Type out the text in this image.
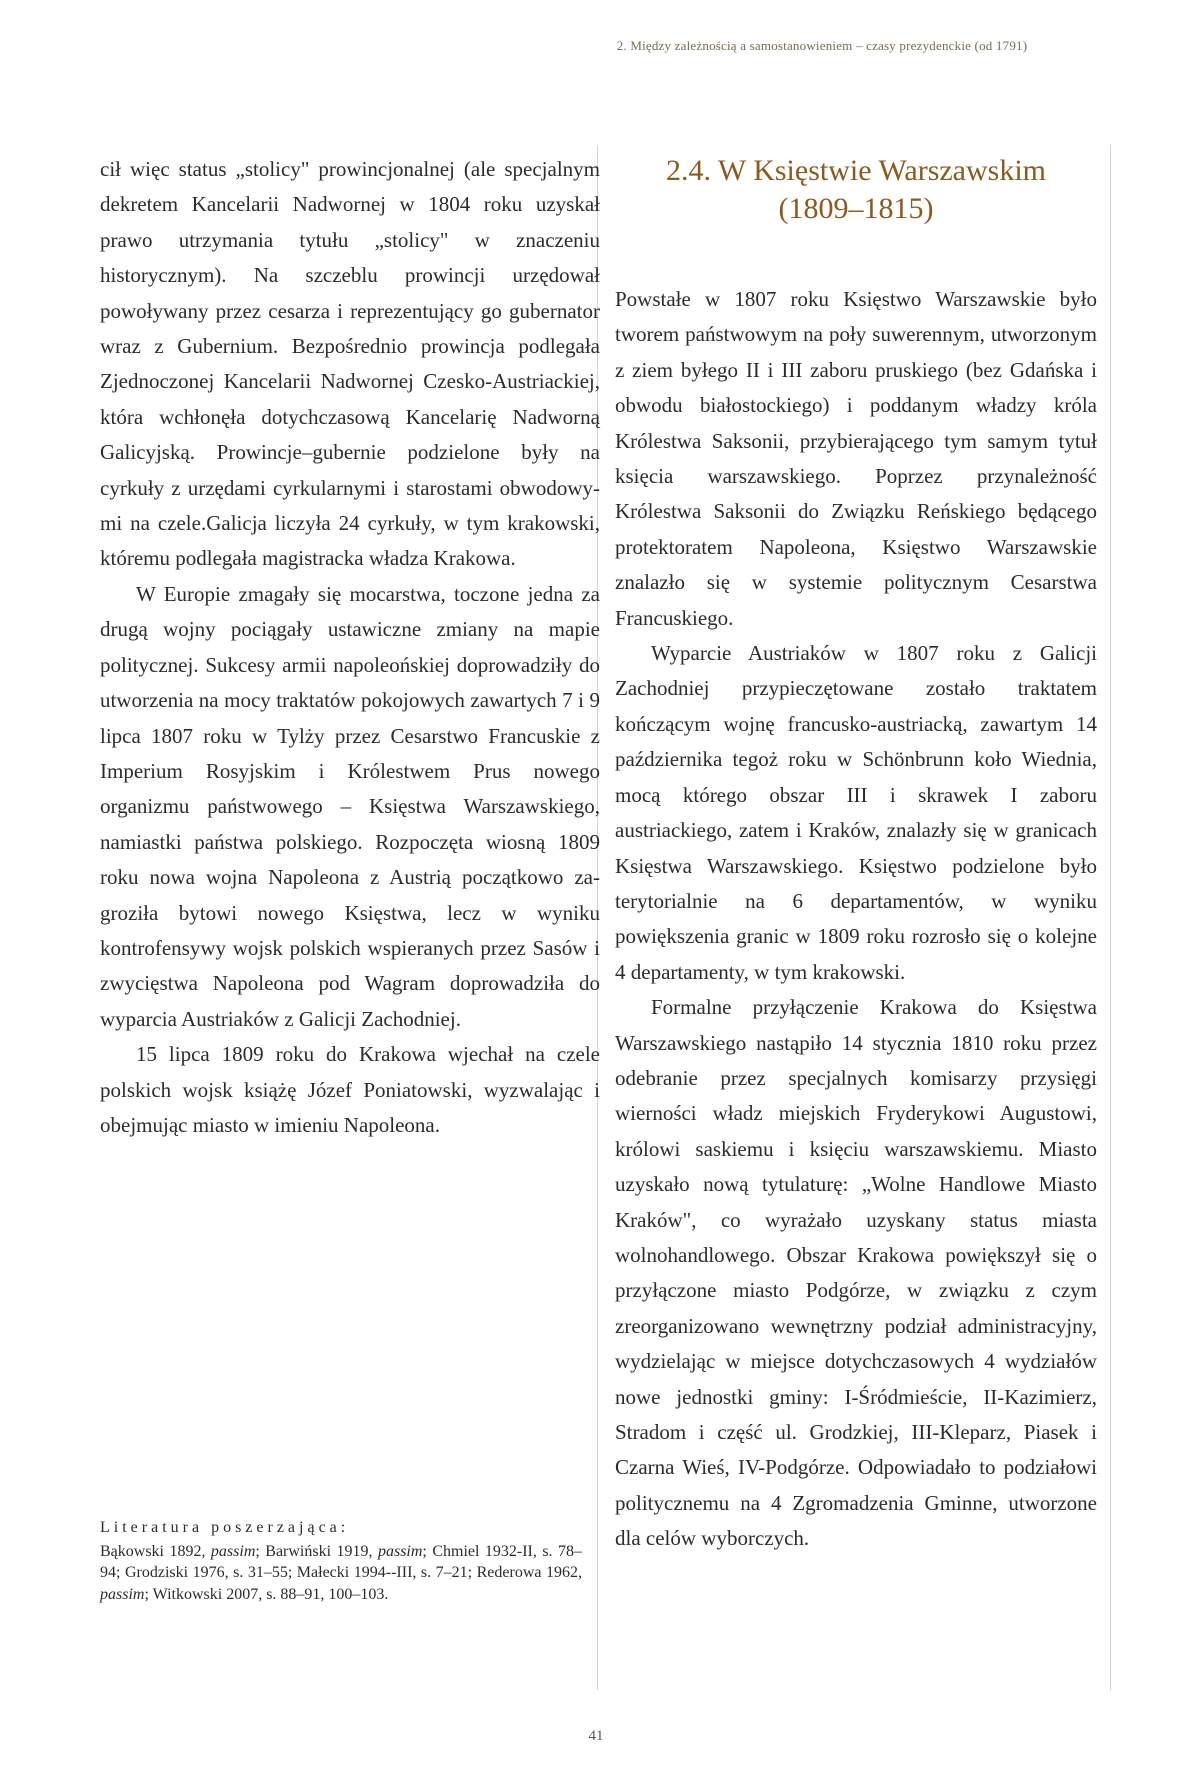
2. Między zależnością a samostanowieniem – czasy prezydenckie (od 1791)

cił więc status „stolicy" prowincjonalnej (ale specjalnym dekretem Kancelarii Nadwornej w 1804 roku uzyskał prawo utrzymania tytułu „stolicy" w znaczeniu historycznym). Na szczeblu prowincji urzędował powoływany przez cesarza i reprezentujący go gubernator wraz z Gubernium. Bezpośrednio prowincja podlegała Zjednoczonej Kancelarii Nadwornej Czesko-Austriackiej, która wchłonęła dotychczasową Kancelarię Nadworną Galicyjską. Prowincje–gubernie podzielone były na cyrkuły z urzędami cyrkularnymi i starostami obwodowymi na czele.Galicja liczyła 24 cyrkuły, w tym krakowski, któremu podlegała magistracka władza Krakowa.

W Europie zmagały się mocarstwa, toczone jedna za drugą wojny pociągały ustawiczne zmiany na mapie politycznej. Sukcesy armii napoleońskiej doprowadziły do utworzenia na mocy traktatów pokojowych zawartych 7 i 9 lipca 1807 roku w Tylży przez Cesarstwo Francuskie z Imperium Rosyjskim i Królestwem Prus nowego organizmu państwowego – Księstwa Warszawskiego, namiastki państwa polskiego. Rozpoczęta wiosną 1809 roku nowa wojna Napoleona z Austrią początkowo zagroziła bytowi nowego Księstwa, lecz w wyniku kontrofensywy wojsk polskich wspieranych przez Sasów i zwycięstwa Napoleona pod Wagram doprowadziła do wyparcia Austriaków z Galicji Zachodniej.

15 lipca 1809 roku do Krakowa wjechał na czele polskich wojsk książę Józef Poniatowski, wyzwalając i obejmując miasto w imieniu Napoleona.

Literatura poszerzająca:
Bąkowski 1892, passim; Barwiński 1919, passim; Chmiel 1932-II, s. 78–94; Grodziski 1976, s. 31–55; Małecki 1994--III, s. 7–21; Rederowa 1962, passim; Witkowski 2007, s. 88–91, 100–103.
2.4. W Księstwie Warszawskim
(1809–1815)

Powstałe w 1807 roku Księstwo Warszawskie było tworem państwowym na poły suwerennym, utworzonym z ziem byłego II i III zaboru pruskiego (bez Gdańska i obwodu białostockiego) i poddanym władzy króla Królestwa Saksonii, przybierającego tym samym tytuł księcia warszawskiego. Poprzez przynależność Królestwa Saksonii do Związku Reńskiego będącego protektoratem Napoleona, Księstwo Warszawskie znalazło się w systemie politycznym Cesarstwa Francuskiego.

Wyparcie Austriaków w 1807 roku z Galicji Zachodniej przypieczętowane zostało traktatem kończącym wojnę francusko-austriacką, zawartym 14 października tegoż roku w Schönbrunn koło Wiednia, mocą którego obszar III i skrawek I zaboru austriackiego, zatem i Kraków, znalazły się w granicach Księstwa Warszawskiego. Księstwo podzielone było terytorialnie na 6 departamentów, w wyniku powiększenia granic w 1809 roku rozrosło się o kolejne 4 departamenty, w tym krakowski.

Formalne przyłączenie Krakowa do Księstwa Warszawskiego nastąpiło 14 stycznia 1810 roku przez odebranie przez specjalnych komisarzy przysięgi wierności władz miejskich Fryderykowi Augustowi, królowi saskiemu i księciu warszawskiemu. Miasto uzyskało nową tytulaturę: „Wolne Handlowe Miasto Kraków", co wyrażało uzyskany status miasta wolnohandlowego. Obszar Krakowa powiększył się o przyłączone miasto Podgórze, w związku z czym zreorganizowano wewnętrzny podział administracyjny, wydzielając w miejsce dotychczasowych 4 wydziałów nowe jednostki gminy: I-Śródmieście, II-Kazimierz, Stradom i część ul. Grodzkiej, III-Kleparz, Piasek i Czarna Wieś, IV-Podgórze. Odpowiadało to podziałowi politycznemu na 4 Zgromadzenia Gminne, utworzone dla celów wyborczych.

41
